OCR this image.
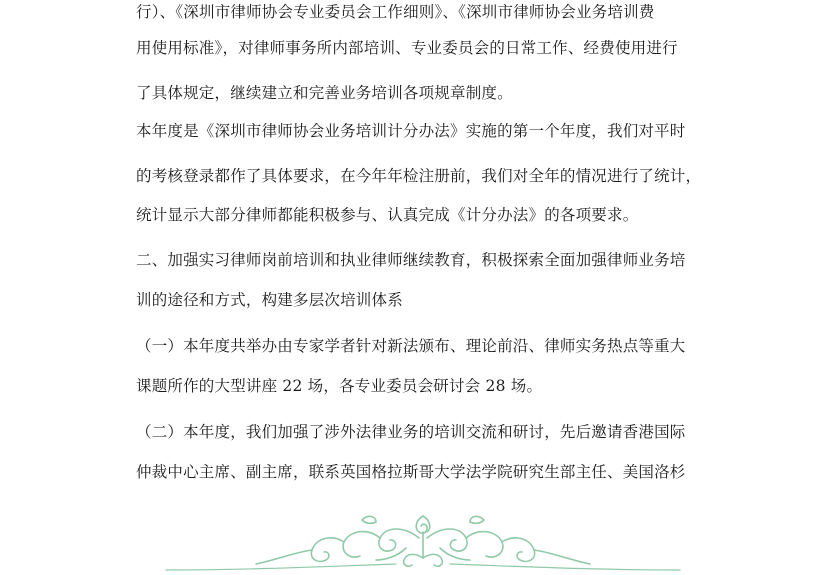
行）、《深圳市律师协会专业委员会工作细则》、《深圳市律师协会业务培训费
用使用标准》，对律师事务所内部培训、专业委员会的日常工作、经费使用进行
了具体规定，继续建立和完善业务培训各项规章制度。
本年度是《深圳市律师协会业务培训计分办法》实施的第一个年度，我们对平时
的考核登录都作了具体要求，在今年年检注册前，我们对全年的情况进行了统计，
统计显示大部分律师都能积极参与、认真完成《计分办法》的各项要求。
二、加强实习律师岗前培训和执业律师继续教育，积极探索全面加强律师业务培
训的途径和方式，构建多层次培训体系
（一）本年度共举办由专家学者针对新法颁布、理论前沿、律师实务热点等重大
课题所作的大型讲座 22 场，各专业委员会研讨会 28 场。
（二）本年度，我们加强了涉外法律业务的培训交流和研讨，先后邀请香港国际
仲裁中心主席、副主席，联系英国格拉斯哥大学法学院研究生部主任、美国洛杉
